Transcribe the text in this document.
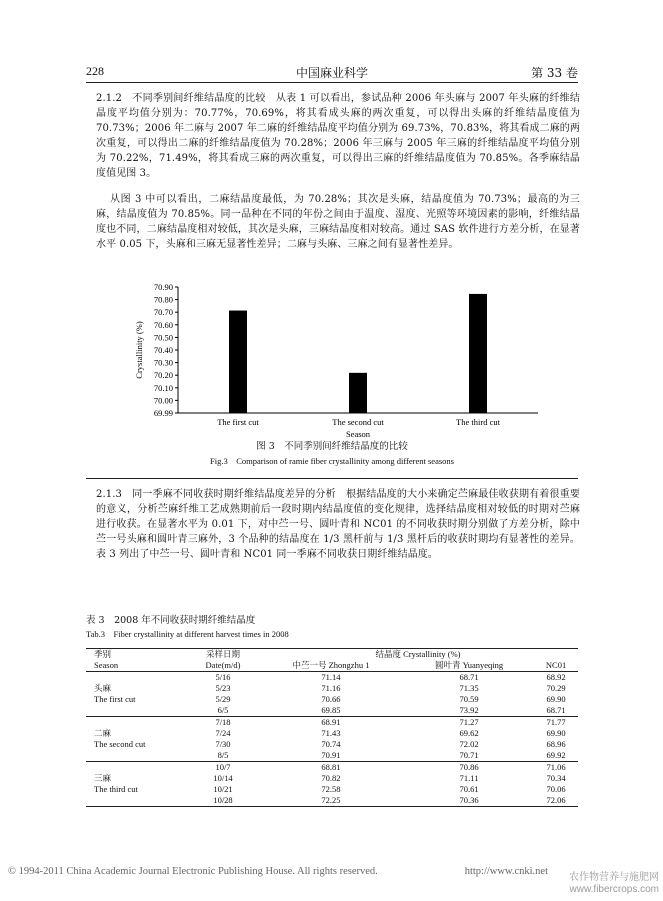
228	中国麻业科学	第 33 卷

2.1.2　不同季别间纤维结晶度的比较　从表 1 可以看出，参试品种 2006 年头麻与 2007 年头麻的纤维结晶度平均值分别为：70.77%，70.69%，将其看成头麻的两次重复，可以得出头麻的纤维结晶度值为 70.73%；2006 年二麻与 2007 年二麻的纤维结晶度平均值分别为 69.73%，70.83%，将其看成二麻的两次重复，可以得出二麻的纤维结晶度值为 70.28%；2006 年三麻与 2005 年三麻的纤维结晶度平均值分别为 70.22%，71.49%，将其看成三麻的两次重复，可以得出三麻的纤维结晶度值为 70.85%。各季麻结晶度值见图 3。

从图 3 中可以看出，二麻结晶度最低，为 70.28%；其次是头麻，结晶度值为 70.73%；最高的为三麻，结晶度值为 70.85%。同一品种在不同的年份之间由于温度、湿度、光照等环境因素的影响，纤维结晶度也不同，二麻结晶度相对较低，其次是头麻，三麻结晶度相对较高。通过 SAS 软件进行方差分析，在显著水平 0.05 下，头麻和三麻无显著性差异；二麻与头麻、三麻之间有显著性差异。

70.90
70.80
70.70
70.60
70.50
70.40
70.30
70.20
70.10
70.00
69.99
The first cut	The second cut	The third cut
Season
Crystallinity (%)
图 3　不同季别间纤维结晶度的比较
Fig.3　Comparison of ramie fiber crystallinity among different seasons

2.1.3　同一季麻不同收获时期纤维结晶度差异的分析　根据结晶度的大小来确定苎麻最佳收获期有着很重要的意义，分析苎麻纤维工艺成熟期前后一段时期内结晶度值的变化规律，选择结晶度相对较低的时期对苎麻进行收获。在显著水平为 0.01 下，对中苎一号、圆叶青和 NC01 的不同收获时期分别做了方差分析，除中苎一号头麻和圆叶青三麻外，3 个品种的结晶度在 1/3 黑杆前与 1/3 黑杆后的收获时期均有显著性的差异。表 3 列出了中苎一号、圆叶青和 NC01 同一季麻不同收获日期纤维结晶度。

表 3　2008 年不同收获时期纤维结晶度
Tab.3　Fiber crystallinity at different harvest times in 2008
季别	采样日期	结晶度 Crystallinity (%)		
Season	Date(m/d)	中苎一号 Zhongzhu 1	圆叶青 Yuanyeqing	NC01
	5/16	71.14	68.71	68.92
头麻	5/23	71.16	71.35	70.29
The first cut	5/29	70.66	70.59	69.90
	6/5	69.85	73.92	68.71
	7/18	68.91	71.27	71.77
二麻	7/24	71.43	69.62	69.90
The second cut	7/30	70.74	72.02	68.96
	8/5	70.91	70.71	69.92
	10/7	68.81	70.86	71.06
三麻	10/14	70.82	71.11	70.34
The third cut	10/21	72.58	70.61	70.06
	10/28	72.25	70.36	72.06
© 1994-2011 China Academic Journal Electronic Publishing House. All rights reserved.	http://www.cnki.net
农作物营养与施肥网
www.fibercrops.com
